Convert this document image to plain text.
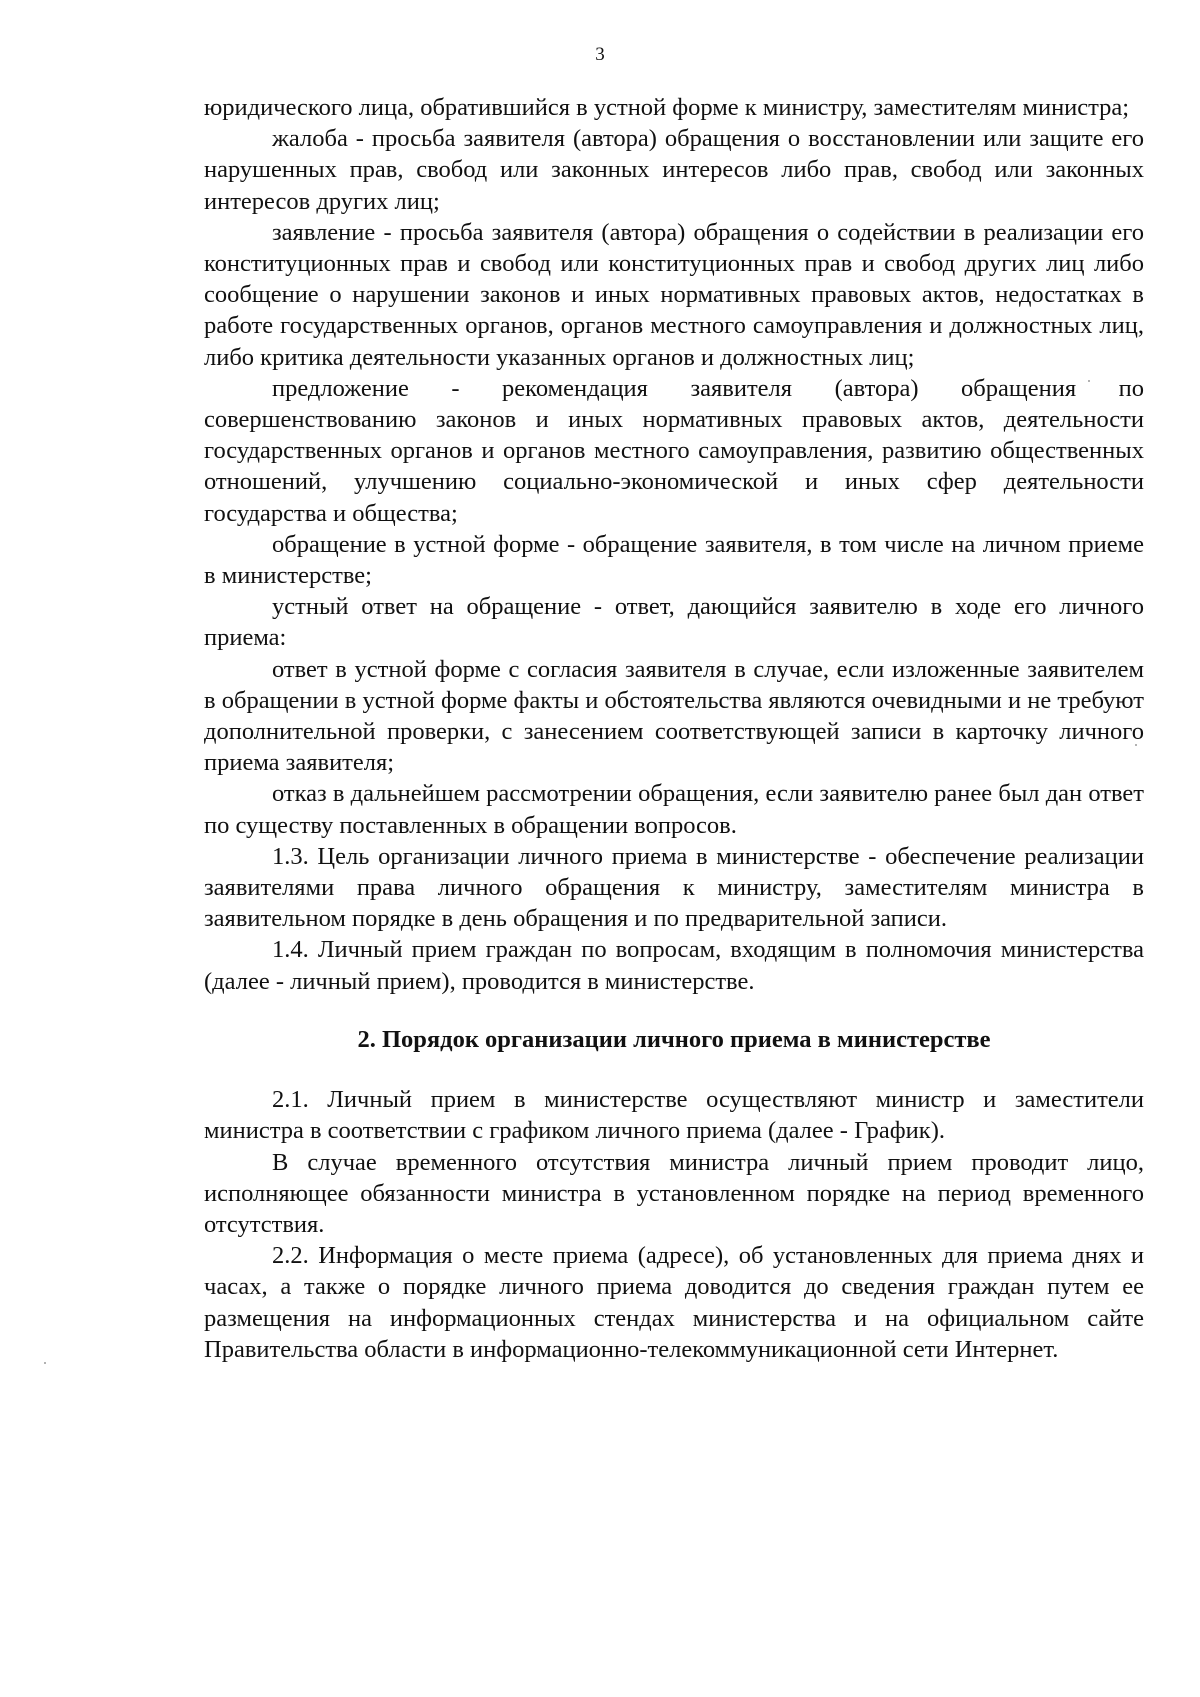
3

юридического лица, обратившийся в устной форме к министру, заместителям министра;

жалоба - просьба заявителя (автора) обращения о восстановлении или защите его нарушенных прав, свобод или законных интересов либо прав, свобод или законных интересов других лиц;

заявление - просьба заявителя (автора) обращения о содействии в реализации его конституционных прав и свобод или конституционных прав и свобод других лиц либо сообщение о нарушении законов и иных нормативных правовых актов, недостатках в работе государственных органов, органов местного самоуправления и должностных лиц, либо критика деятельности указанных органов и должностных лиц;

предложение - рекомендация заявителя (автора) обращения по совершенствованию законов и иных нормативных правовых актов, деятельности государственных органов и органов местного самоуправления, развитию общественных отношений, улучшению социально-экономической и иных сфер деятельности государства и общества;

обращение в устной форме - обращение заявителя, в том числе на личном приеме в министерстве;

устный ответ на обращение - ответ, дающийся заявителю в ходе его личного приема:

ответ в устной форме с согласия заявителя в случае, если изложенные заявителем в обращении в устной форме факты и обстоятельства являются очевидными и не требуют дополнительной проверки, с занесением соответствующей записи в карточку личного приема заявителя;

отказ в дальнейшем рассмотрении обращения, если заявителю ранее был дан ответ по существу поставленных в обращении вопросов.

1.3. Цель организации личного приема в министерстве - обеспечение реализации заявителями права личного обращения к министру, заместителям министра в заявительном порядке в день обращения и по предварительной записи.

1.4. Личный прием граждан по вопросам, входящим в полномочия министерства (далее - личный прием), проводится в министерстве.

2. Порядок организации личного приема в министерстве

2.1. Личный прием в министерстве осуществляют министр и заместители министра в соответствии с графиком личного приема (далее - График).

В случае временного отсутствия министра личный прием проводит лицо, исполняющее обязанности министра в установленном порядке на период временного отсутствия.

2.2. Информация о месте приема (адресе), об установленных для приема днях и часах, а также о порядке личного приема доводится до сведения граждан путем ее размещения на информационных стендах министерства и на официальном сайте Правительства области в информационно-телекоммуникационной сети Интернет.
